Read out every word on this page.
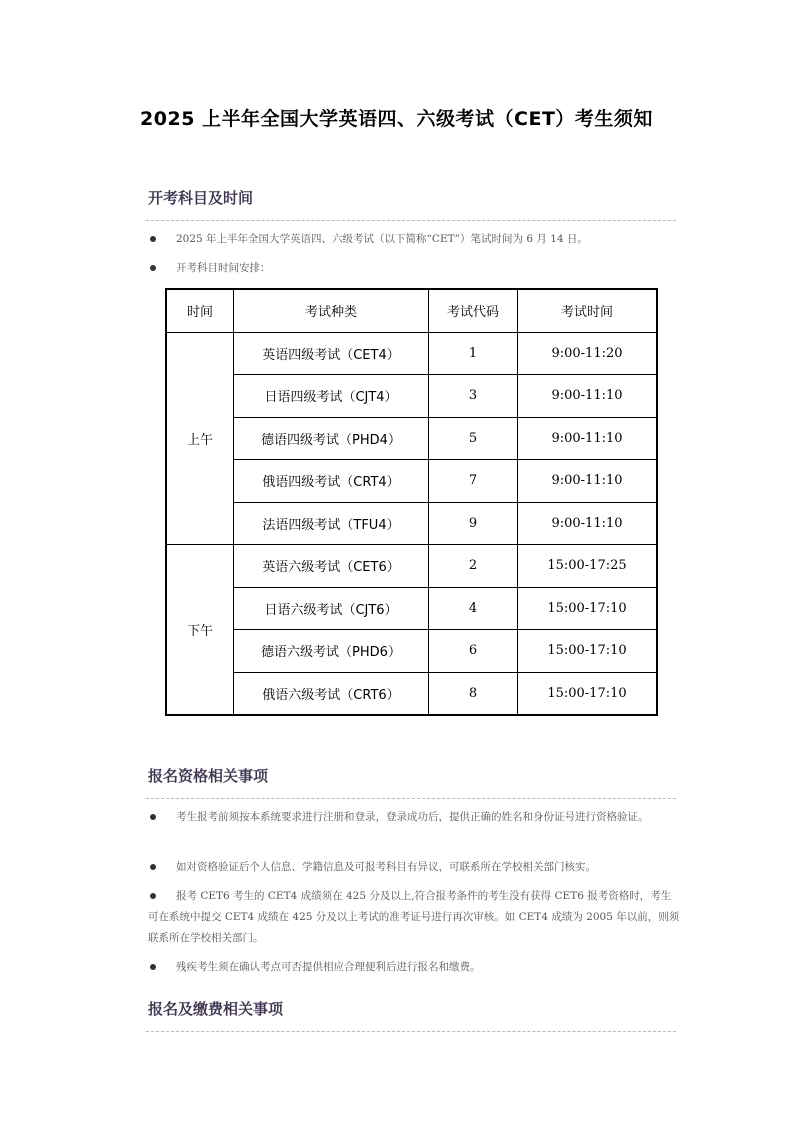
2025 上半年全国大学英语四、六级考试（CET）考生须知
开考科目及时间
2025 年上半年全国大学英语四、六级考试（以下简称“CET”）笔试时间为 6 月 14 日。
开考科目时间安排：
时间	考试种类	考试代码	考试时间
上午	英语四级考试（CET4）	1	9:00-11:20
	日语四级考试（CJT4）	3	9:00-11:10
	德语四级考试（PHD4）	5	9:00-11:10
	俄语四级考试（CRT4）	7	9:00-11:10
	法语四级考试（TFU4）	9	9:00-11:10
下午	英语六级考试（CET6）	2	15:00-17:25
	日语六级考试（CJT6）	4	15:00-17:10
	德语六级考试（PHD6）	6	15:00-17:10
	俄语六级考试（CRT6）	8	15:00-17:10
报名资格相关事项
考生报考前须按本系统要求进行注册和登录，登录成功后，提供正确的姓名和身份证号进行资格验证。
如对资格验证后个人信息、学籍信息及可报考科目有异议，可联系所在学校相关部门核实。
报考 CET6 考生的 CET4 成绩须在 425 分及以上,符合报考条件的考生没有获得 CET6 报考资格时，考生可在系统中提交 CET4 成绩在 425 分及以上考试的准考证号进行再次审核。如 CET4 成绩为 2005 年以前，则须联系所在学校相关部门。
残疾考生须在确认考点可否提供相应合理便利后进行报名和缴费。
报名及缴费相关事项
